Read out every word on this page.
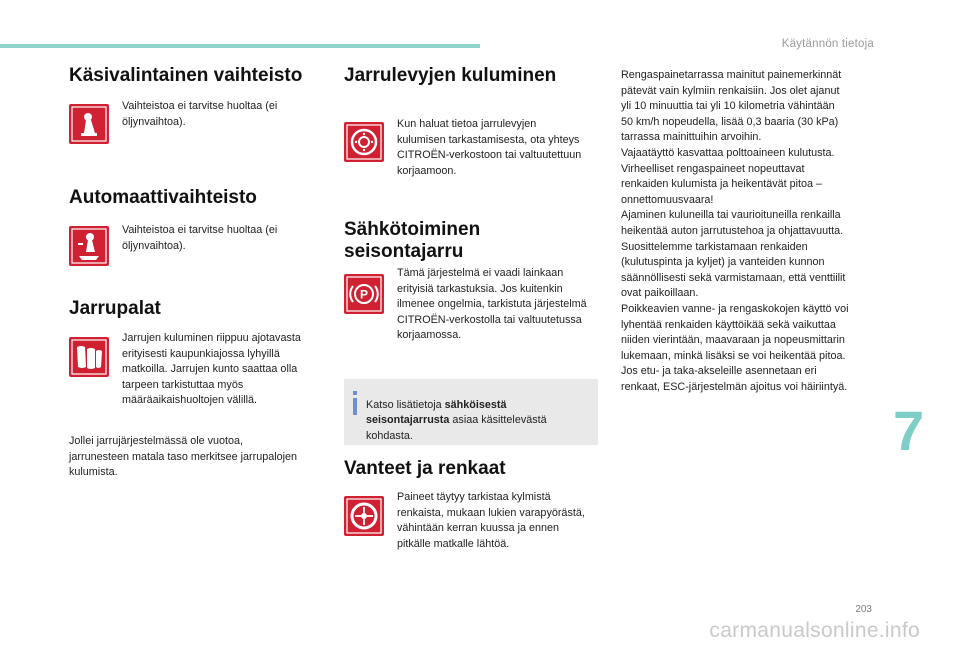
Käytännön tietoja
Käsivalintainen vaihteisto

Vaihteistoa ei tarvitse huoltaa (ei öljynvaihtoa).

Automaattivaihteisto

Vaihteistoa ei tarvitse huoltaa (ei öljynvaihtoa).

Jarrupalat

Jarrujen kuluminen riippuu ajotavasta erityisesti kaupunkiajossa lyhyillä matkoilla. Jarrujen kunto saattaa olla tarpeen tarkistuttaa myös määräaikaishuoltojen välillä.

Jollei jarrujärjestelmässä ole vuotoa, jarrunesteen matala taso merkitsee jarrupalojen kulumista.

Jarrulevyjen kuluminen

Kun haluat tietoa jarrulevyjen kulumisen tarkastamisesta, ota yhteys CITROËN-verkostoon tai valtuutettuun korjaamoon.

Sähkötoiminen
seisontajarru
P

Tämä järjestelmä ei vaadi lainkaan erityisiä tarkastuksia. Jos kuitenkin ilmenee ongelmia, tarkistuta järjestelmä CITROËN-verkostolla tai valtuutetussa korjaamossa.

Katso lisätietoja sähköisestä seisontajarrusta asiaa käsittelevästä kohdasta.

Vanteet ja renkaat

Paineet täytyy tarkistaa kylmistä renkaista, mukaan lukien varapyörästä, vähintään kerran kuussa ja ennen pitkälle matkalle lähtöä.

Rengaspainetarrassa mainitut painemerkinnät
pätevät vain kylmiin renkaisiin. Jos olet ajanut
yli 10 minuuttia tai yli 10 kilometria vähintään
50 km/h nopeudella, lisää 0,3 baaria (30 kPa)
tarrassa mainittuihin arvoihin.
Vajaatäyttö kasvattaa polttoaineen kulutusta.
Virheelliset rengaspaineet nopeuttavat
renkaiden kulumista ja heikentävät pitoa –
onnettomuusvaara!
Ajaminen kuluneilla tai vaurioituneilla renkailla
heikentää auton jarrutustehoa ja ohjattavuutta.
Suosittelemme tarkistamaan renkaiden
(kulutuspinta ja kyljet) ja vanteiden kunnon
säännöllisesti sekä varmistamaan, että venttiilit
ovat paikoillaan.
Poikkeavien vanne- ja rengaskokojen käyttö voi
lyhentää renkaiden käyttöikää sekä vaikuttaa
niiden vierintään, maavaraan ja nopeusmittarin
lukemaan, minkä lisäksi se voi heikentää pitoa.
Jos etu- ja taka-akseleille asennetaan eri
renkaat, ESC-järjestelmän ajoitus voi häiriintyä.
7
203
carmanualsonline.info
